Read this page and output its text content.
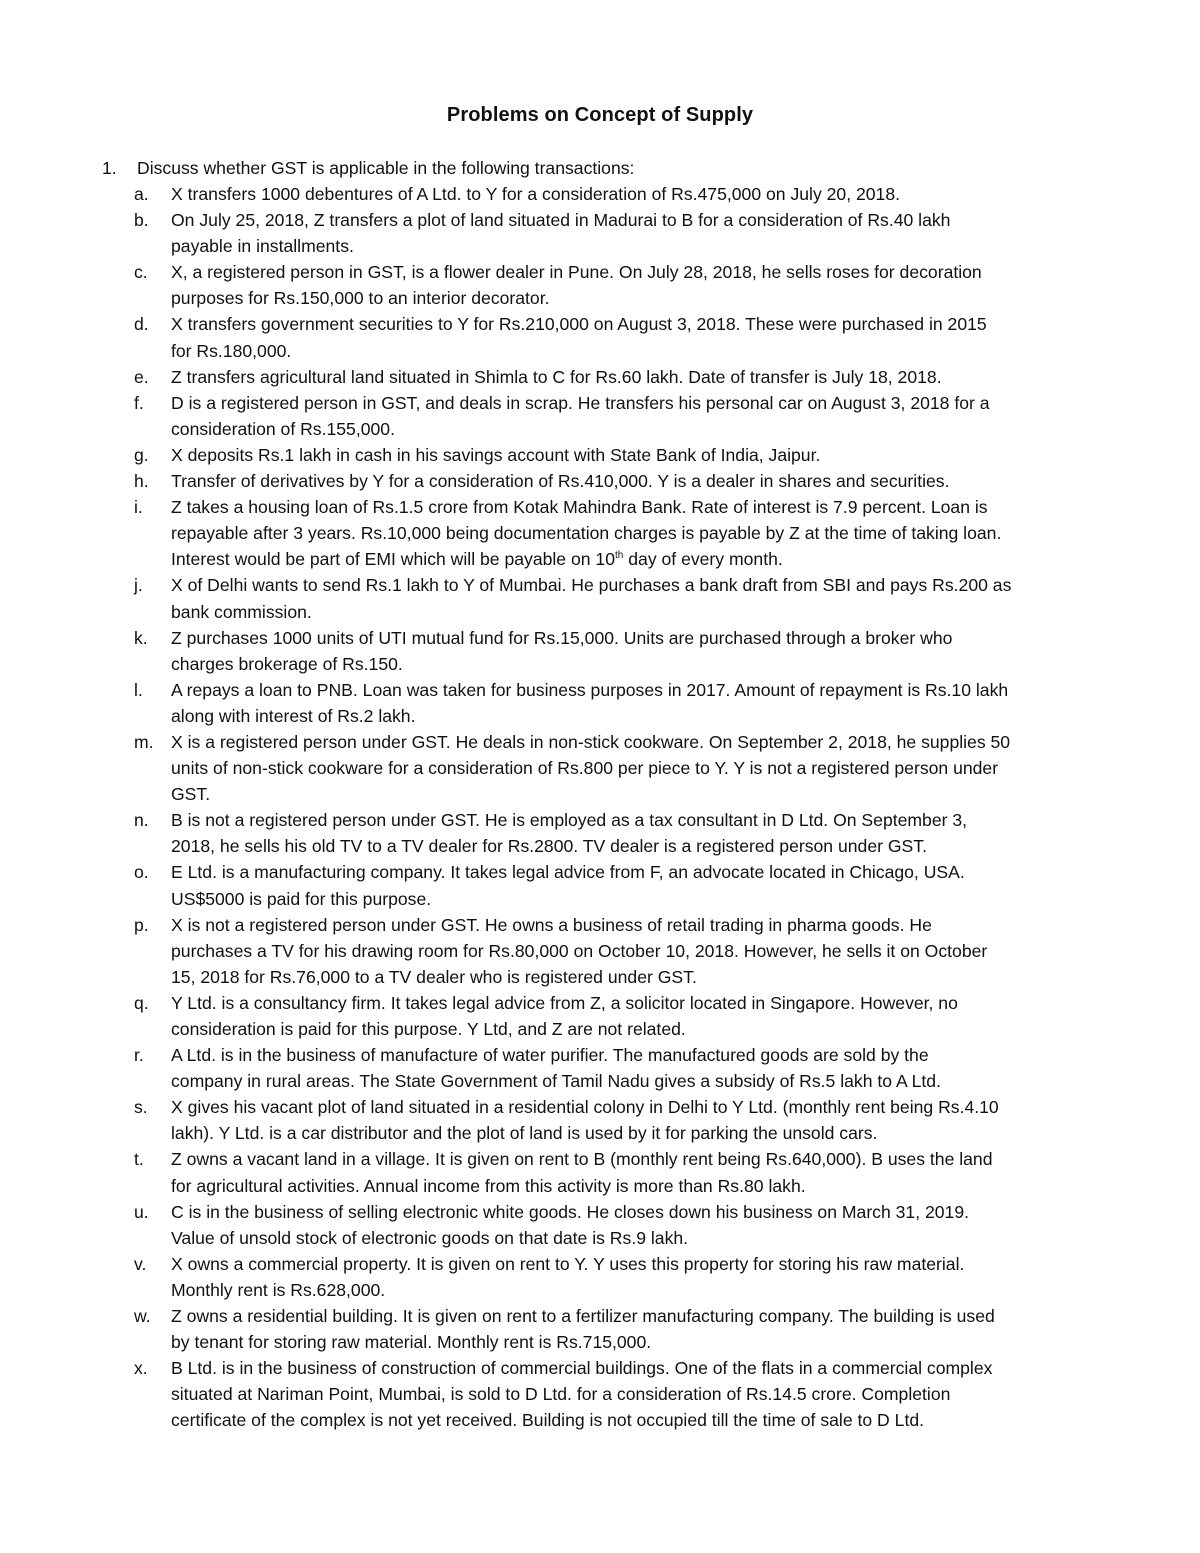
Problems on Concept of Supply
1. Discuss whether GST is applicable in the following transactions:
a.	X transfers 1000 debentures of A Ltd. to Y for a consideration of Rs.475,000 on July 20, 2018.
b.	On July 25, 2018, Z transfers a plot of land situated in Madurai to B for a consideration of Rs.40 lakh
payable in installments.
c.	X, a registered person in GST, is a flower dealer in Pune. On July 28, 2018, he sells roses for decoration
purposes for Rs.150,000 to an interior decorator.
d.	X transfers government securities to Y for Rs.210,000 on August 3, 2018. These were purchased in 2015
for Rs.180,000.
e.	Z transfers agricultural land situated in Shimla to C for Rs.60 lakh. Date of transfer is July 18, 2018.
f.	D is a registered person in GST, and deals in scrap. He transfers his personal car on August 3, 2018 for a
consideration of Rs.155,000.
g.	X deposits Rs.1 lakh in cash in his savings account with State Bank of India, Jaipur.
h.	Transfer of derivatives by Y for a consideration of Rs.410,000. Y is a dealer in shares and securities.
i.	Z takes a housing loan of Rs.1.5 crore from Kotak Mahindra Bank. Rate of interest is 7.9 percent. Loan is
repayable after 3 years. Rs.10,000 being documentation charges is payable by Z at the time of taking loan.
Interest would be part of EMI which will be payable on 10th day of every month.
j.	X of Delhi wants to send Rs.1 lakh to Y of Mumbai. He purchases a bank draft from SBI and pays Rs.200 as
bank commission.
k.	Z purchases 1000 units of UTI mutual fund for Rs.15,000. Units are purchased through a broker who
charges brokerage of Rs.150.
l.	A repays a loan to PNB. Loan was taken for business purposes in 2017. Amount of repayment is Rs.10 lakh
along with interest of Rs.2 lakh.
m. X is a registered person under GST. He deals in non-stick cookware. On September 2, 2018, he supplies 50
units of non-stick cookware for a consideration of Rs.800 per piece to Y. Y is not a registered person under
GST.
n.	B is not a registered person under GST. He is employed as a tax consultant in D Ltd. On September 3,
2018, he sells his old TV to a TV dealer for Rs.2800. TV dealer is a registered person under GST.
o.	E Ltd. is a manufacturing company. It takes legal advice from F, an advocate located in Chicago, USA.
US$5000 is paid for this purpose.
p.	X is not a registered person under GST. He owns a business of retail trading in pharma goods. He
purchases a TV for his drawing room for Rs.80,000 on October 10, 2018. However, he sells it on October
15, 2018 for Rs.76,000 to a TV dealer who is registered under GST.
q.	Y Ltd. is a consultancy firm. It takes legal advice from Z, a solicitor located in Singapore. However, no
consideration is paid for this purpose. Y Ltd, and Z are not related.
r.	A Ltd. is in the business of manufacture of water purifier. The manufactured goods are sold by the
company in rural areas. The State Government of Tamil Nadu gives a subsidy of Rs.5 lakh to A Ltd.
s.	X gives his vacant plot of land situated in a residential colony in Delhi to Y Ltd. (monthly rent being Rs.4.10
lakh). Y Ltd. is a car distributor and the plot of land is used by it for parking the unsold cars.
t.	Z owns a vacant land in a village. It is given on rent to B (monthly rent being Rs.640,000). B uses the land
for agricultural activities. Annual income from this activity is more than Rs.80 lakh.
u.	C is in the business of selling electronic white goods. He closes down his business on March 31, 2019.
Value of unsold stock of electronic goods on that date is Rs.9 lakh.
v.	X owns a commercial property. It is given on rent to Y. Y uses this property for storing his raw material.
Monthly rent is Rs.628,000.
w.	Z owns a residential building. It is given on rent to a fertilizer manufacturing company. The building is used
by tenant for storing raw material. Monthly rent is Rs.715,000.
x.	B Ltd. is in the business of construction of commercial buildings. One of the flats in a commercial complex
situated at Nariman Point, Mumbai, is sold to D Ltd. for a consideration of Rs.14.5 crore. Completion
certificate of the complex is not yet received. Building is not occupied till the time of sale to D Ltd.
